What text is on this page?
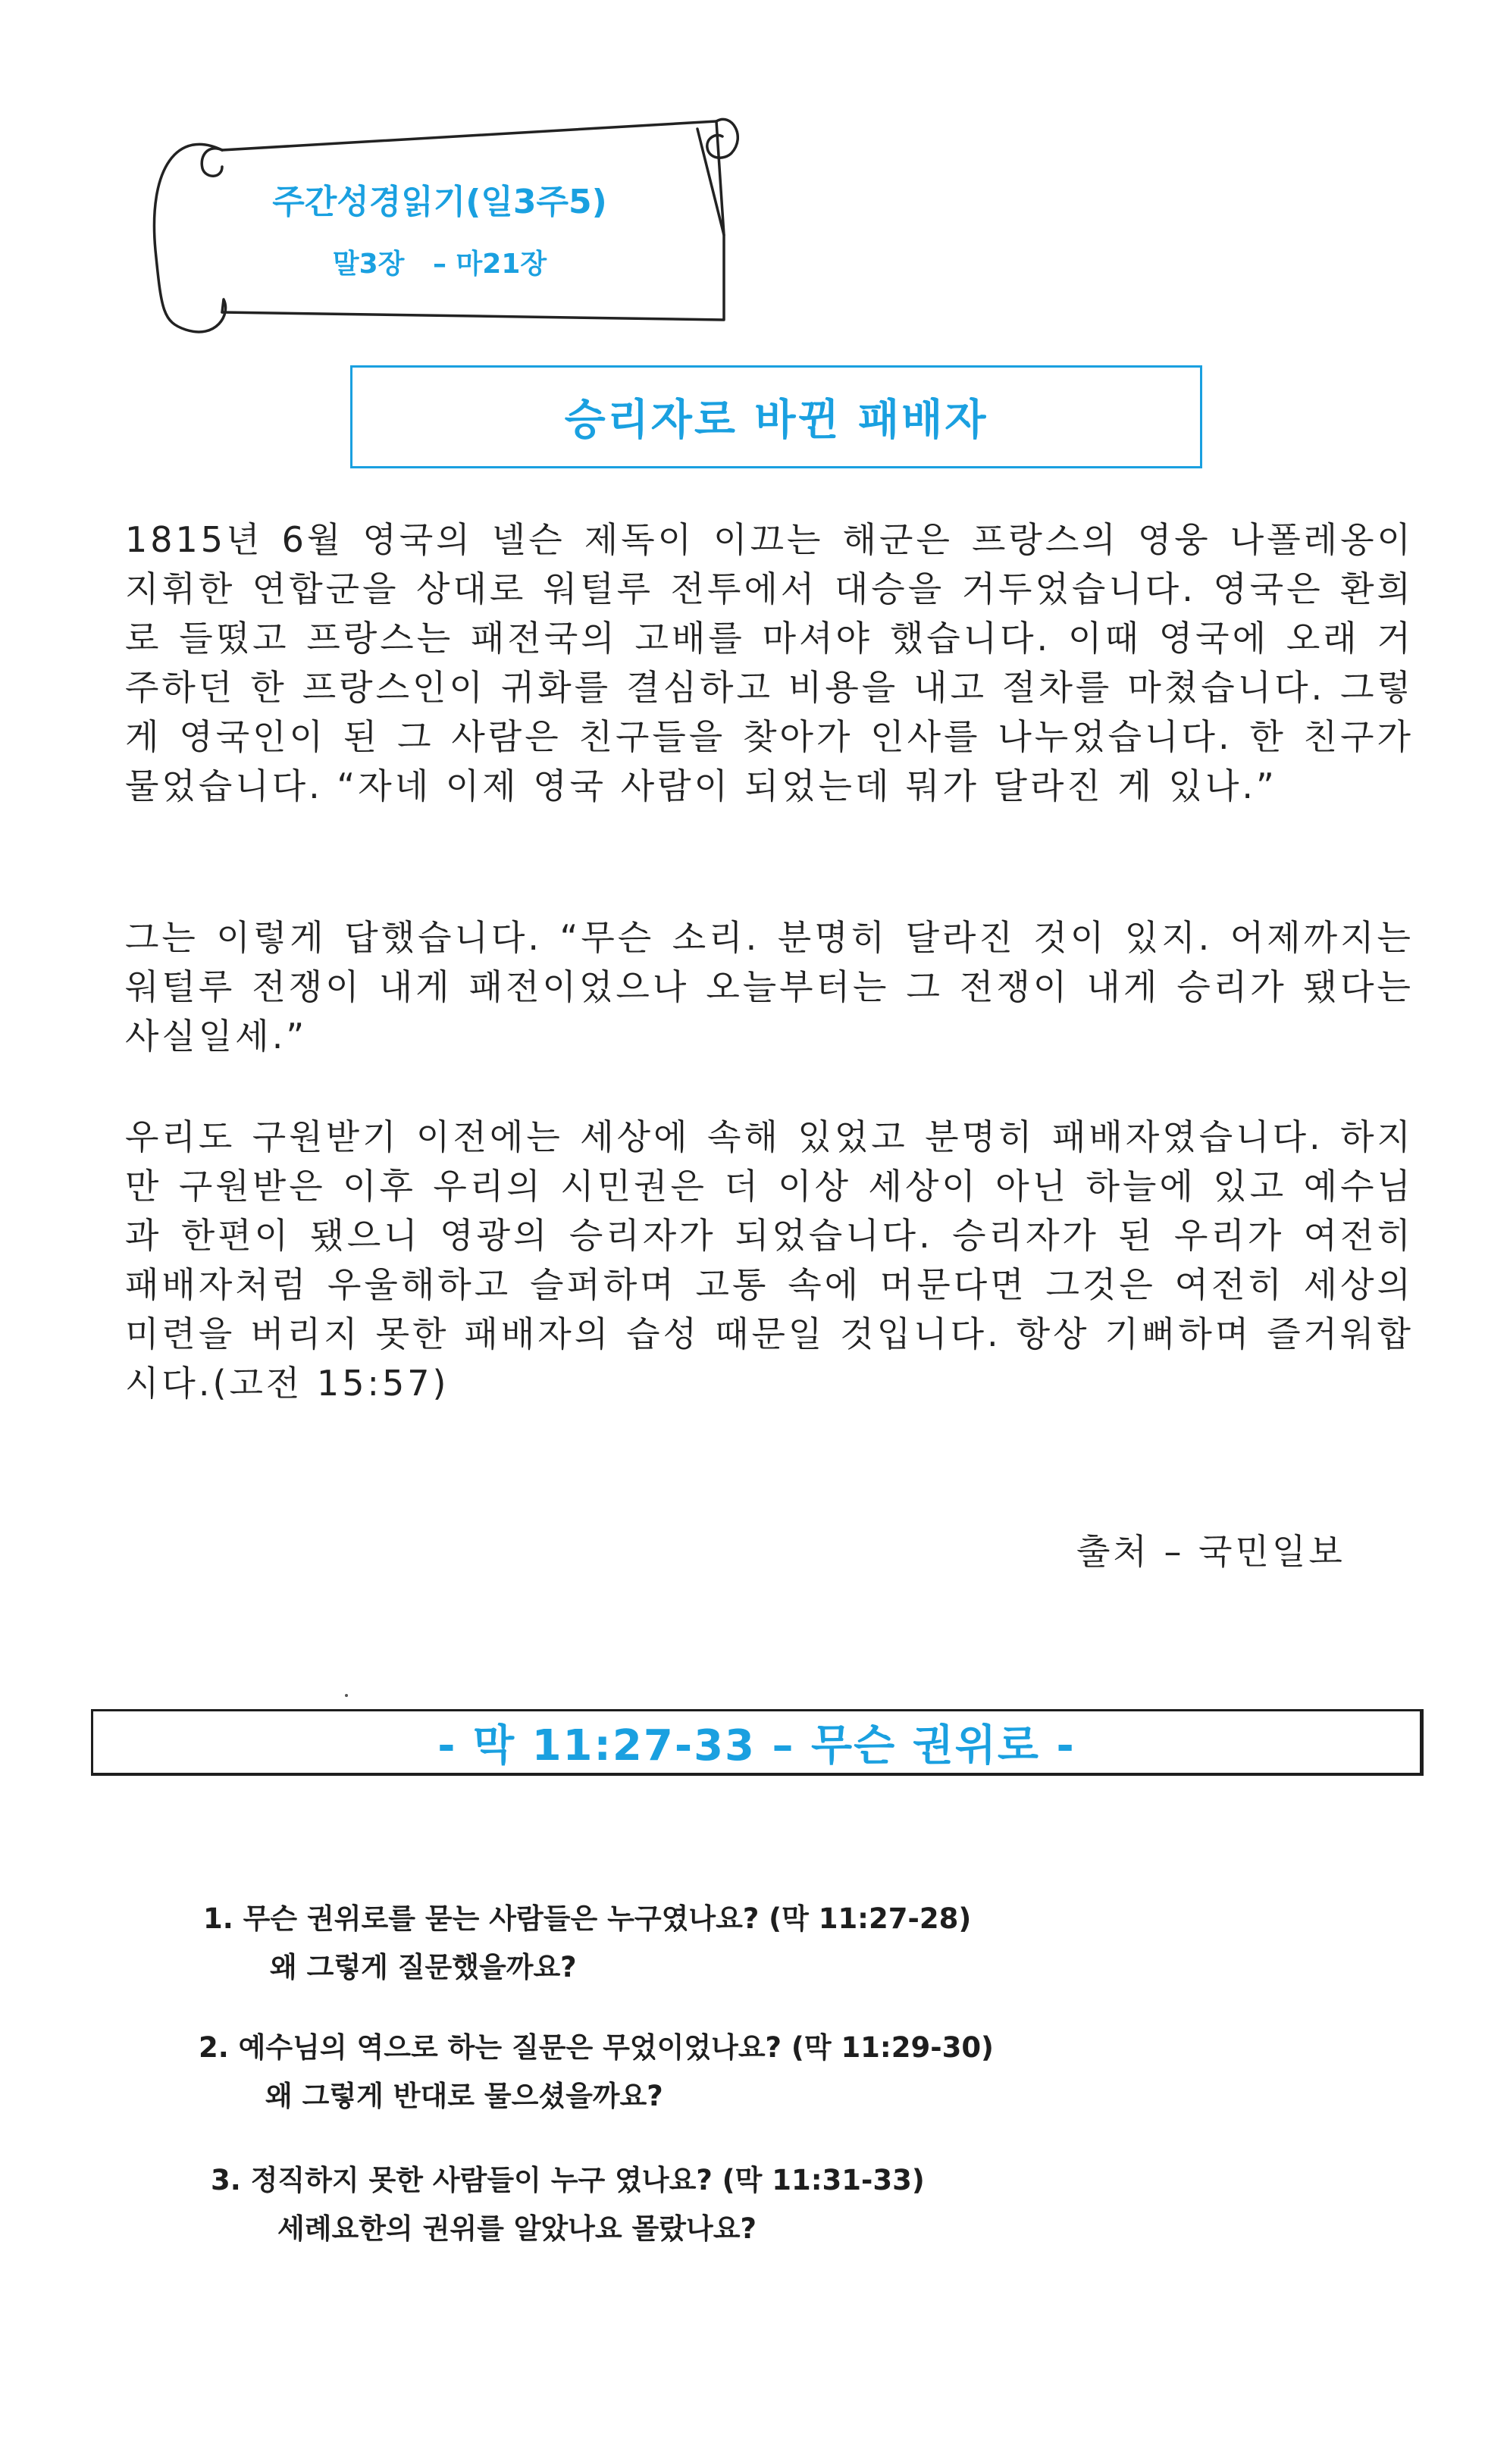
주간성경읽기(일3주5)
말3장   – 마21장
승리자로 바뀐 패배자

1815년 6월 영국의 넬슨 제독이 이끄는 해군은 프랑스의 영웅 나폴레옹이 지휘한 연합군을 상대로 워털루 전투에서 대승을 거두었습니다. 영국은 환희로 들떴고 프랑스는 패전국의 고배를 마셔야 했습니다. 이때 영국에 오래 거주하던 한 프랑스인이 귀화를 결심하고 비용을 내고 절차를 마쳤습니다. 그렇게 영국인이 된 그 사람은 친구들을 찾아가 인사를 나누었습니다. 한 친구가 물었습니다. “자네 이제 영국 사람이 되었는데 뭐가 달라진 게 있나.”

그는 이렇게 답했습니다. “무슨 소리. 분명히 달라진 것이 있지. 어제까지는 워털루 전쟁이 내게 패전이었으나 오늘부터는 그 전쟁이 내게 승리가 됐다는 사실일세.”

우리도 구원받기 이전에는 세상에 속해 있었고 분명히 패배자였습니다. 하지만 구원받은 이후 우리의 시민권은 더 이상 세상이 아닌 하늘에 있고 예수님과 한편이 됐으니 영광의 승리자가 되었습니다. 승리자가 된 우리가 여전히 패배자처럼 우울해하고 슬퍼하며 고통 속에 머문다면 그것은 여전히 세상의 미련을 버리지 못한 패배자의 습성 때문일 것입니다. 항상 기뻐하며 즐거워합시다.(고전 15:57)

출처 – 국민일보

- 막 11:27-33 – 무슨 권위로 -
1. 무슨 권위로를 묻는 사람들은 누구였나요? (막 11:27-28)
왜 그렇게 질문했을까요?
2. 예수님의 역으로 하는 질문은 무었이었나요? (막 11:29-30)
왜 그렇게 반대로 물으셨을까요?
3. 정직하지 못한 사람들이 누구 였나요? (막 11:31-33)
세례요한의 권위를 알았나요 몰랐나요?
